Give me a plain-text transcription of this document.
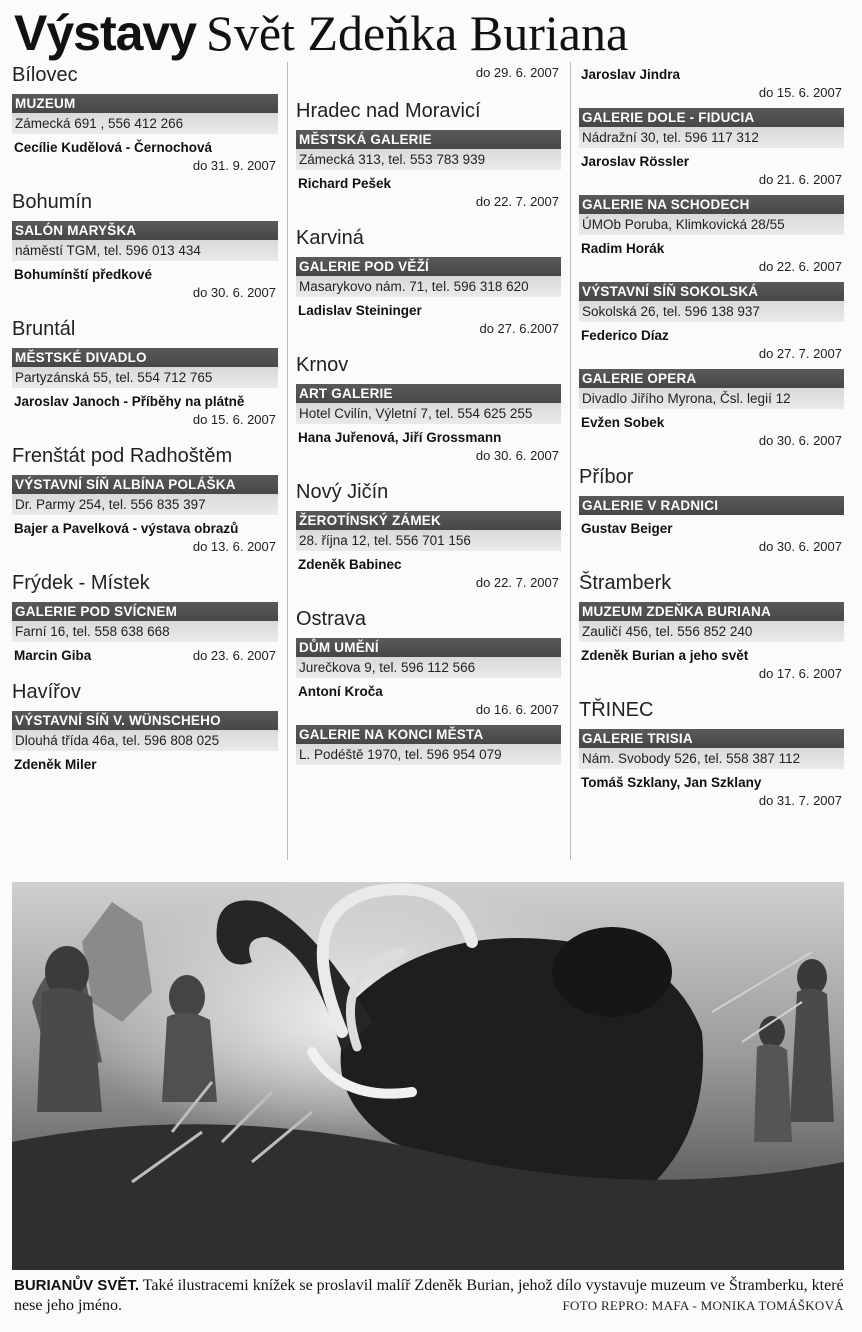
Výstavy Svět Zdeňka Buriana
Bílovec
MUZEUM
Zámecká 691 , 556 412 266
Cecílie Kudělová - Černochová
do 31. 9. 2007
Bohumín
SALÓN MARYŠKA
náměstí TGM, tel. 596 013 434
Bohumínští předkové
do 30. 6. 2007
Bruntál
MĚSTSKÉ DIVADLO
Partyzánská 55, tel. 554 712 765
Jaroslav Janoch - Příběhy na plátně
do 15. 6. 2007
Frenštát pod Radhoštěm
VÝSTAVNÍ SÍŇ ALBÍNA POLÁŠKA
Dr. Parmy 254, tel. 556 835 397
Bajer a Pavelková - výstava obrazů
do 13. 6. 2007
Frýdek - Místek
GALERIE POD SVÍCNEM
Farní 16, tel. 558 638 668
Marcin Giba	do 23. 6. 2007
Havířov
VÝSTAVNÍ SÍŇ V. WÜNSCHEHO
Dlouhá třída 46a, tel. 596 808 025
Zdeněk Miler
do 29. 6. 2007
Hradec nad Moravicí
MĚSTSKÁ GALERIE
Zámecká 313, tel. 553 783 939
Richard Pešek
do 22. 7. 2007
Karviná
GALERIE POD VĚŽÍ
Masarykovo nám. 71, tel. 596 318 620
Ladislav Steininger
do 27. 6.2007
Krnov
ART GALERIE
Hotel Cvilín, Výletní 7, tel. 554 625 255
Hana Juřenová, Jiří Grossmann
do 30. 6. 2007
Nový Jičín
ŽEROTÍNSKÝ ZÁMEK
28. října 12, tel. 556 701 156
Zdeněk Babinec
do 22. 7. 2007
Ostrava
DŮM UMĚNÍ
Jurečkova 9, tel. 596 112 566
Antoní Kroča
do 16. 6. 2007
GALERIE NA KONCI MĚSTA
L. Podéště 1970, tel. 596 954 079
Jaroslav Jindra
do 15. 6. 2007
GALERIE DOLE - FIDUCIA
Nádražní 30, tel. 596 117 312
Jaroslav Rössler
do 21. 6. 2007
GALERIE NA SCHODECH
ÚMOb Poruba, Klimkovická 28/55
Radim Horák
do 22. 6. 2007
VÝSTAVNÍ SÍŇ SOKOLSKÁ
Sokolská 26, tel. 596 138 937
Federico Díaz
do 27. 7. 2007
GALERIE OPERA
Divadlo Jiřího Myrona, Čsl. legií 12
Evžen Sobek
do 30. 6. 2007
Příbor
GALERIE V RADNICI
Gustav Beiger
do 30. 6. 2007
Štramberk
MUZEUM ZDEŇKA BURIANA
Zauličí 456, tel. 556 852 240
Zdeněk Burian a jeho svět
do 17. 6. 2007
TŘINEC
GALERIE TRISIA
Nám. Svobody 526, tel. 558 387 112
Tomáš Szklany, Jan Szklany
do 31. 7. 2007
BURIANŮV SVĚT. Také ilustracemi knížek se proslavil malíř Zdeněk Burian, jehož dílo vystavuje muzeum ve Štramberku, které nese jeho jméno.	FOTO REPRO: MAFA - MONIKA TOMÁŠKOVÁ
